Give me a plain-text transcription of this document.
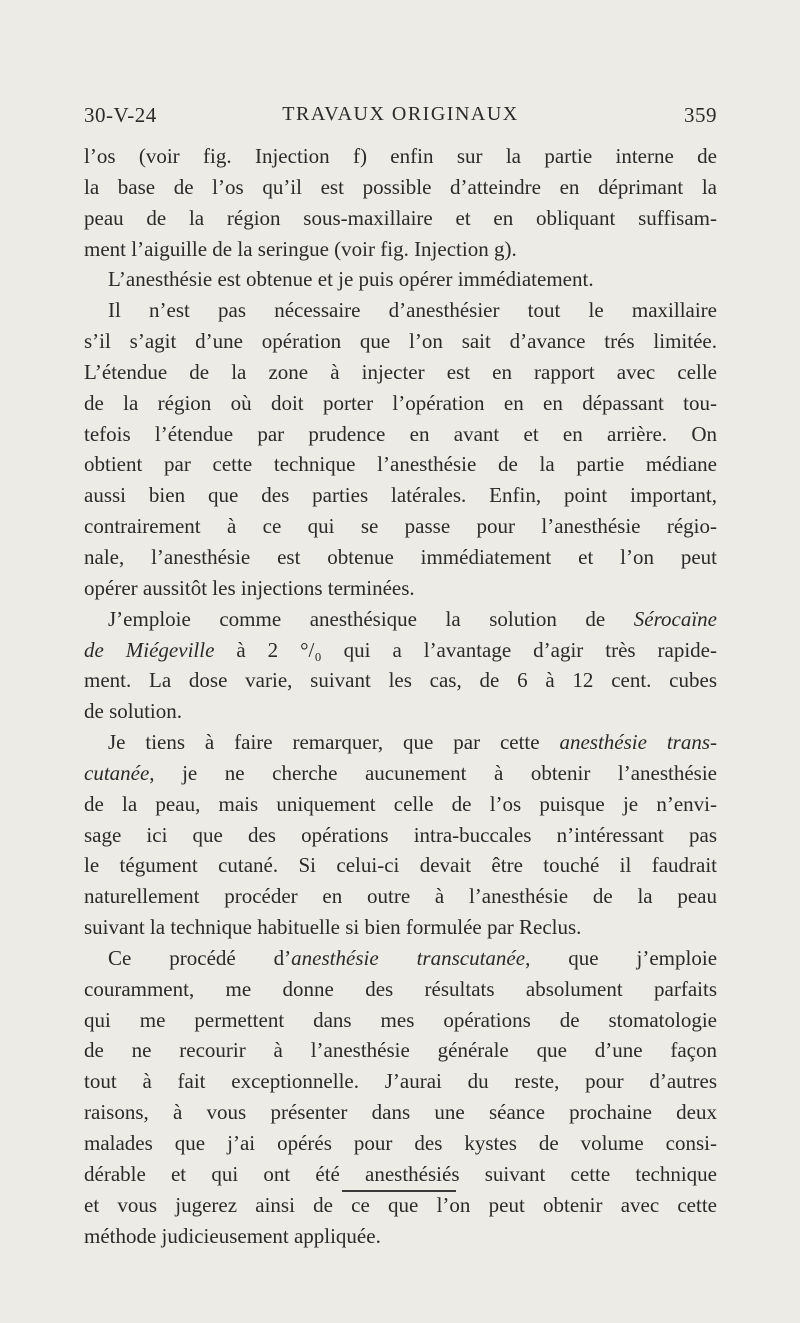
30-V-24	TRAVAUX ORIGINAUX	359
l’os (voir fig. Injection f) enfin sur la partie interne de
la base de l’os qu’il est possible d’atteindre en déprimant la
peau de la région sous-maxillaire et en obliquant suffisam-
ment l’aiguille de la seringue (voir fig. Injection g).
L’anesthésie est obtenue et je puis opérer immédiatement.
Il n’est pas nécessaire d’anesthésier tout le maxillaire
s’il s’agit d’une opération que l’on sait d’avance trés limitée.
L’étendue de la zone à injecter est en rapport avec celle
de la région où doit porter l’opération en en dépassant tou-
tefois l’étendue par prudence en avant et en arrière. On
obtient par cette technique l’anesthésie de la partie médiane
aussi bien que des parties latérales. Enfin, point important,
contrairement à ce qui se passe pour l’anesthésie régio-
nale, l’anesthésie est obtenue immédiatement et l’on peut
opérer aussitôt les injections terminées.
J’emploie comme anesthésique la solution de Sérocaïne
de Miégeville à 2 °/₀ qui a l’avantage d’agir très rapide-
ment. La dose varie, suivant les cas, de 6 à 12 cent. cubes
de solution.
Je tiens à faire remarquer, que par cette anesthésie trans-
cutanée, je ne cherche aucunement à obtenir l’anesthésie
de la peau, mais uniquement celle de l’os puisque je n’envi-
sage ici que des opérations intra-buccales n’intéressant pas
le tégument cutané. Si celui-ci devait être touché il faudrait
naturellement procéder en outre à l’anesthésie de la peau
suivant la technique habituelle si bien formulée par Reclus.
Ce procédé d’anesthésie transcutanée, que j’emploie
couramment, me donne des résultats absolument parfaits
qui me permettent dans mes opérations de stomatologie
de ne recourir à l’anesthésie générale que d’une façon
tout à fait exceptionnelle. J’aurai du reste, pour d’autres
raisons, à vous présenter dans une séance prochaine deux
malades que j’ai opérés pour des kystes de volume consi-
dérable et qui ont été anesthésiés suivant cette technique
et vous jugerez ainsi de ce que l’on peut obtenir avec cette
méthode judicieusement appliquée.
